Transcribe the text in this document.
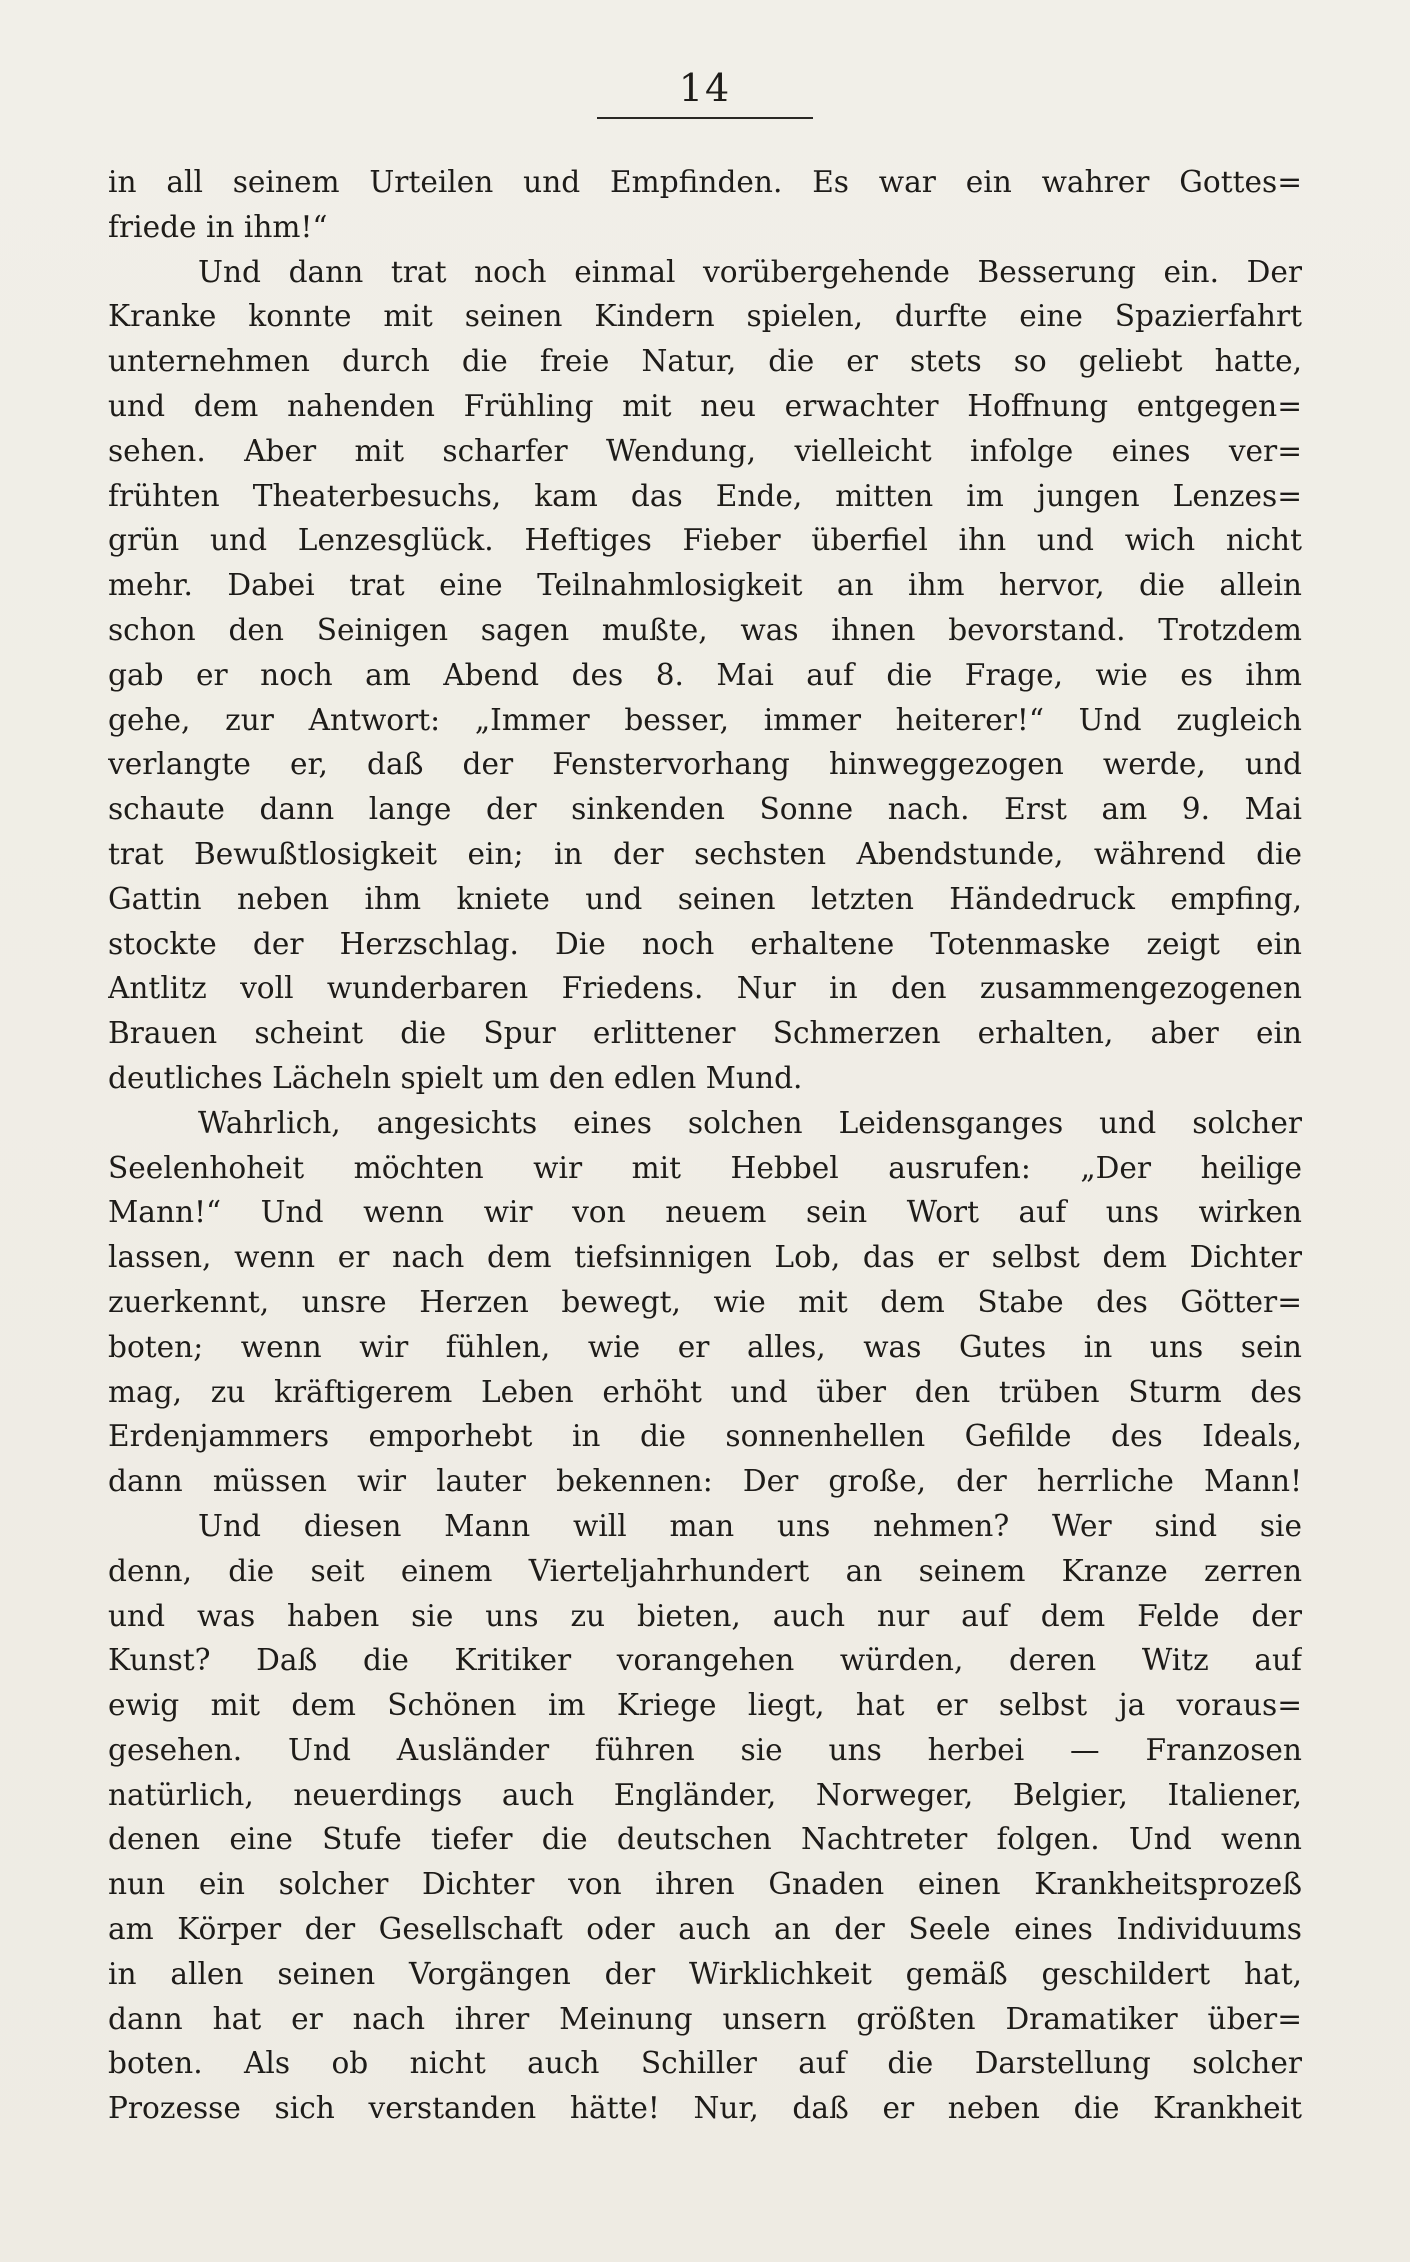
14
in all seinem Urteilen und Empfinden. Es war ein wahrer Gottes=
friede in ihm!“
Und dann trat noch einmal vorübergehende Besserung ein. Der
Kranke konnte mit seinen Kindern spielen, durfte eine Spazierfahrt
unternehmen durch die freie Natur, die er stets so geliebt hatte,
und dem nahenden Frühling mit neu erwachter Hoffnung entgegen=
sehen. Aber mit scharfer Wendung, vielleicht infolge eines ver=
frühten Theaterbesuchs, kam das Ende, mitten im jungen Lenzes=
grün und Lenzesglück. Heftiges Fieber überfiel ihn und wich nicht
mehr. Dabei trat eine Teilnahmlosigkeit an ihm hervor, die allein
schon den Seinigen sagen mußte, was ihnen bevorstand. Trotzdem
gab er noch am Abend des 8. Mai auf die Frage, wie es ihm
gehe, zur Antwort: „Immer besser, immer heiterer!“ Und zugleich
verlangte er, daß der Fenstervorhang hinweggezogen werde, und
schaute dann lange der sinkenden Sonne nach. Erst am 9. Mai
trat Bewußtlosigkeit ein; in der sechsten Abendstunde, während die
Gattin neben ihm kniete und seinen letzten Händedruck empfing,
stockte der Herzschlag. Die noch erhaltene Totenmaske zeigt ein
Antlitz voll wunderbaren Friedens. Nur in den zusammengezogenen
Brauen scheint die Spur erlittener Schmerzen erhalten, aber ein
deutliches Lächeln spielt um den edlen Mund.
Wahrlich, angesichts eines solchen Leidensganges und solcher
Seelenhoheit möchten wir mit Hebbel ausrufen: „Der heilige
Mann!“ Und wenn wir von neuem sein Wort auf uns wirken
lassen, wenn er nach dem tiefsinnigen Lob, das er selbst dem Dichter
zuerkennt, unsre Herzen bewegt, wie mit dem Stabe des Götter=
boten; wenn wir fühlen, wie er alles, was Gutes in uns sein
mag, zu kräftigerem Leben erhöht und über den trüben Sturm des
Erdenjammers emporhebt in die sonnenhellen Gefilde des Ideals,
dann müssen wir lauter bekennen: Der große, der herrliche Mann!
Und diesen Mann will man uns nehmen? Wer sind sie
denn, die seit einem Vierteljahrhundert an seinem Kranze zerren
und was haben sie uns zu bieten, auch nur auf dem Felde der
Kunst? Daß die Kritiker vorangehen würden, deren Witz auf
ewig mit dem Schönen im Kriege liegt, hat er selbst ja voraus=
gesehen. Und Ausländer führen sie uns herbei — Franzosen
natürlich, neuerdings auch Engländer, Norweger, Belgier, Italiener,
denen eine Stufe tiefer die deutschen Nachtreter folgen. Und wenn
nun ein solcher Dichter von ihren Gnaden einen Krankheitsprozeß
am Körper der Gesellschaft oder auch an der Seele eines Individuums
in allen seinen Vorgängen der Wirklichkeit gemäß geschildert hat,
dann hat er nach ihrer Meinung unsern größten Dramatiker über=
boten. Als ob nicht auch Schiller auf die Darstellung solcher
Prozesse sich verstanden hätte! Nur, daß er neben die Krankheit
